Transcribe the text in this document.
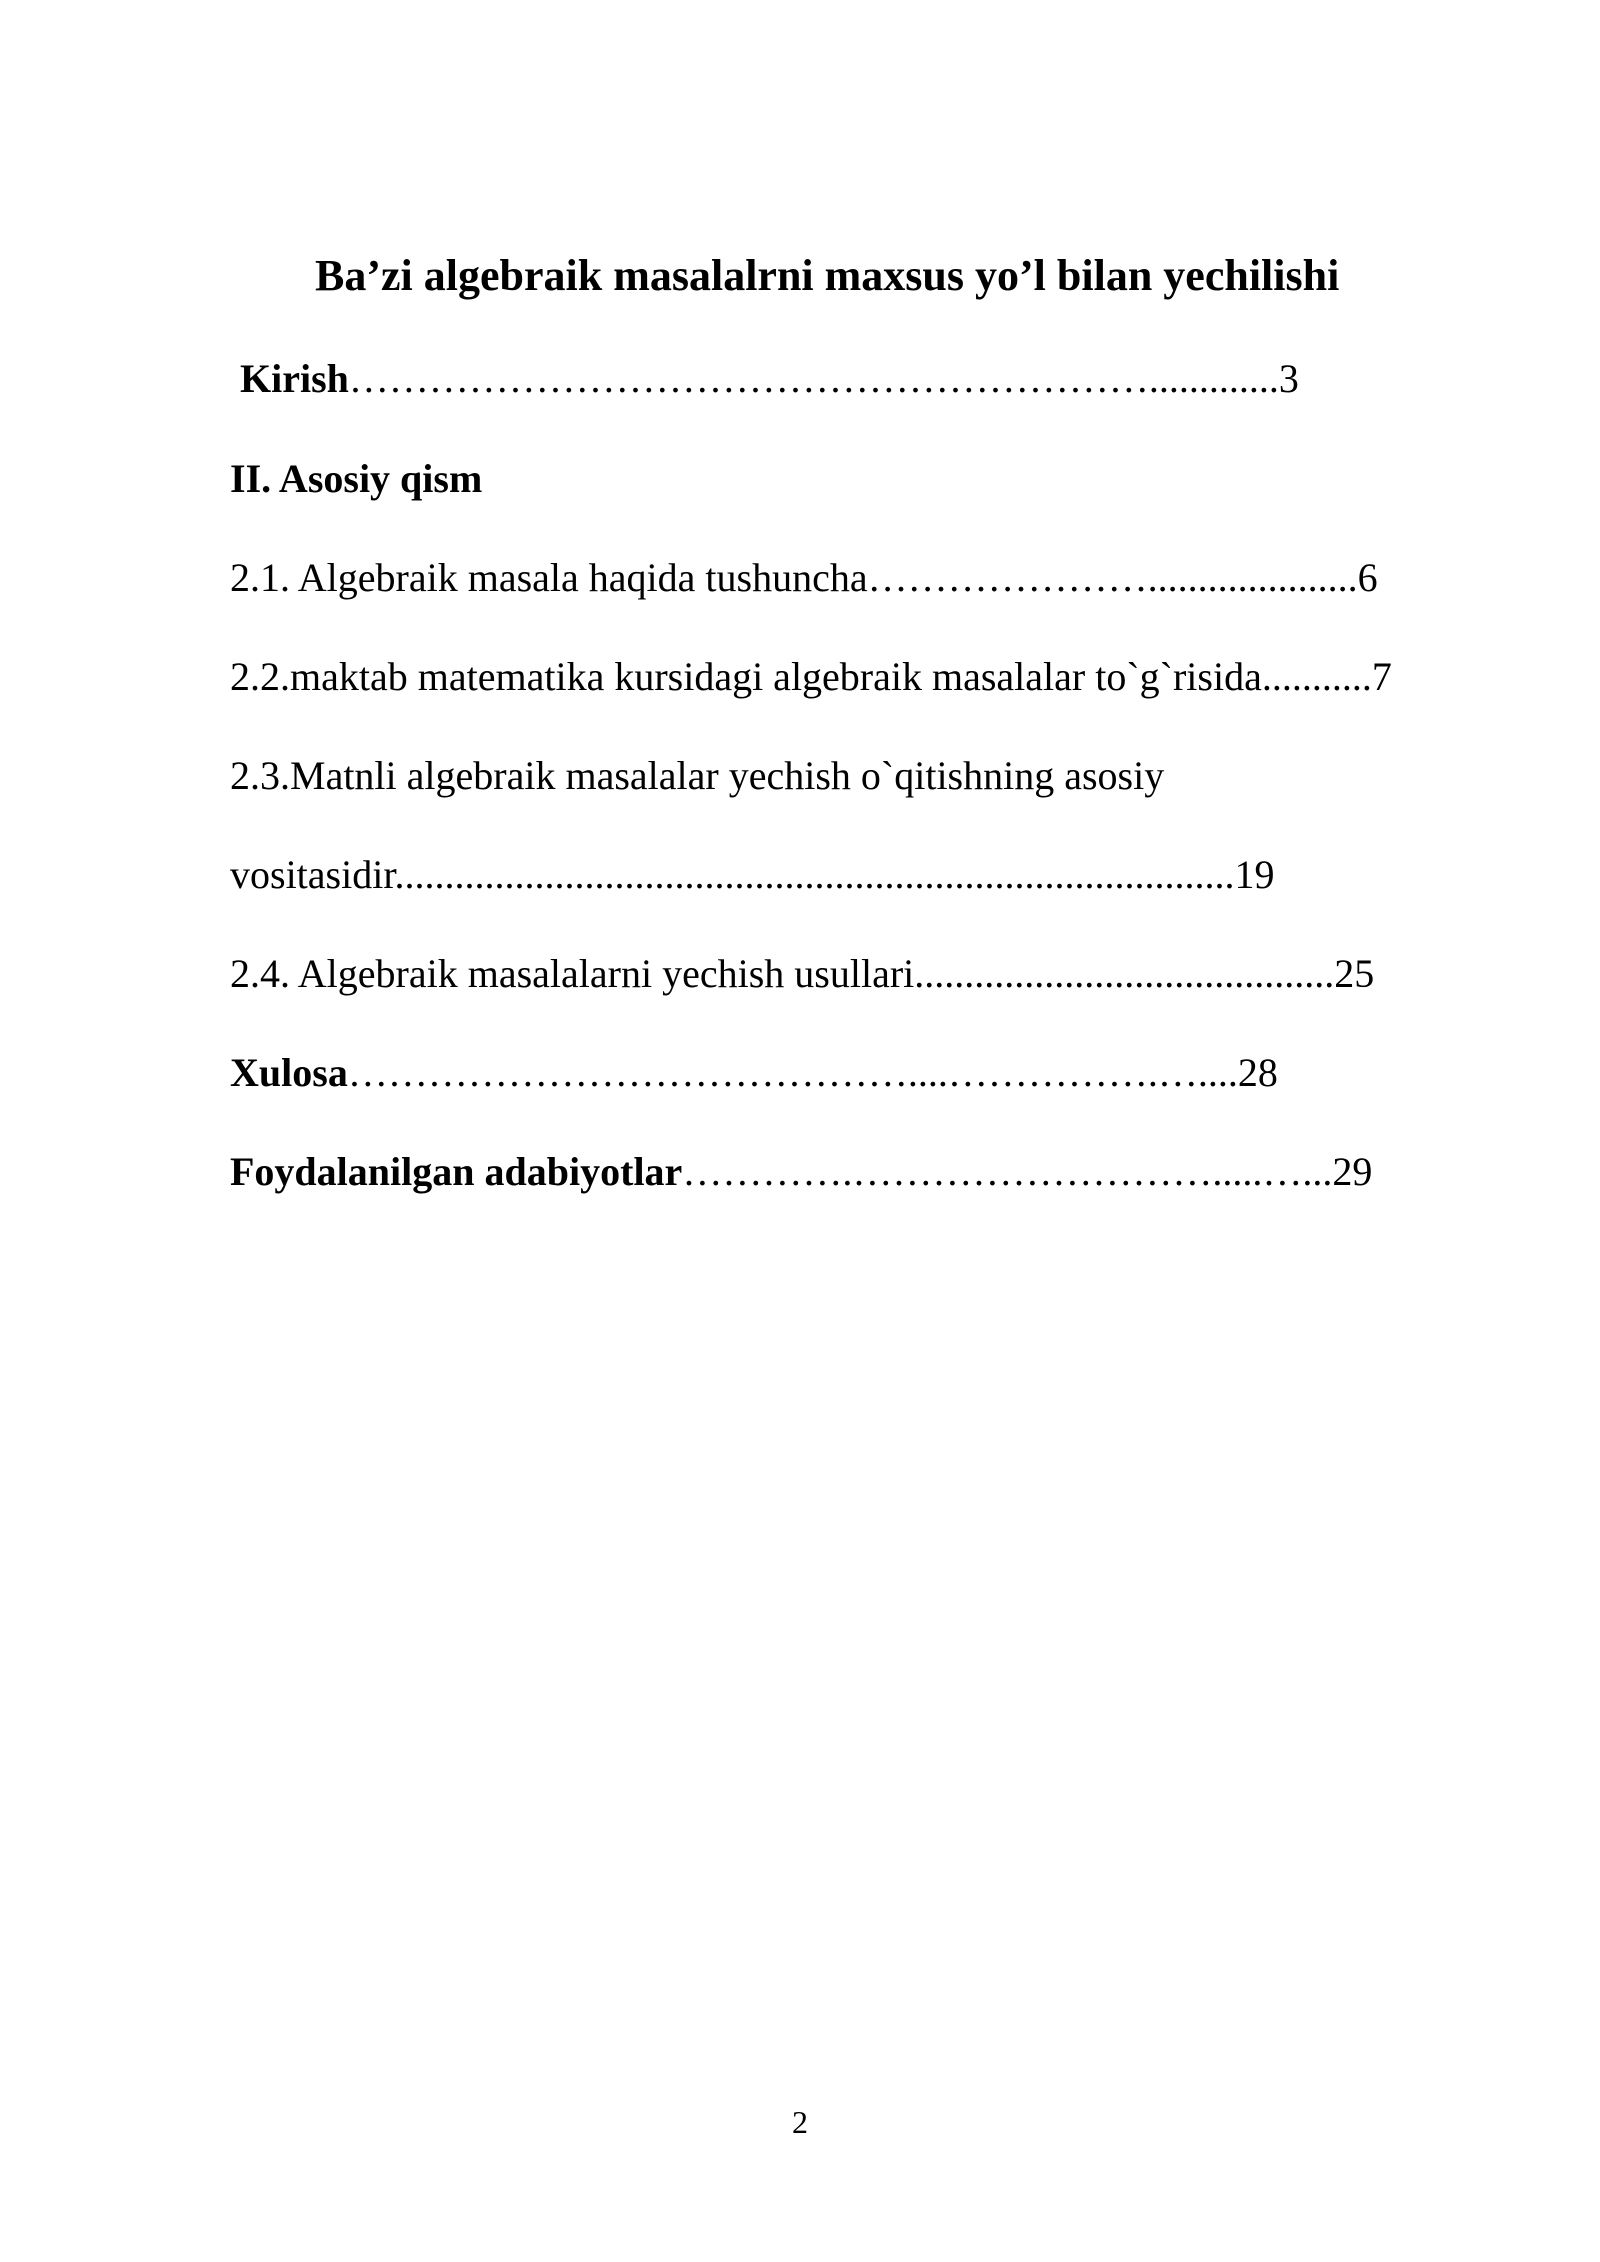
Ba’zi algebraik masalalrni maxsus yo’l bilan yechilishi

Kirish…………………………………………………….............3

II. Asosiy qism

2.1. Algebraik masala haqida tushuncha………………….....................6

2.2.maktab matematika kursidagi algebraik masalalar to`g`risida...........7

2.3.Matnli algebraik masalalar yechish o`qitishning asosiy

vositasidir....................................................................................19

2.4. Algebraik masalalarni yechish usullari..........................................25

Xulosa……………………………………....…………….…....28

Foydalanilgan adabiyotlar………….……………………….....…...29

2
